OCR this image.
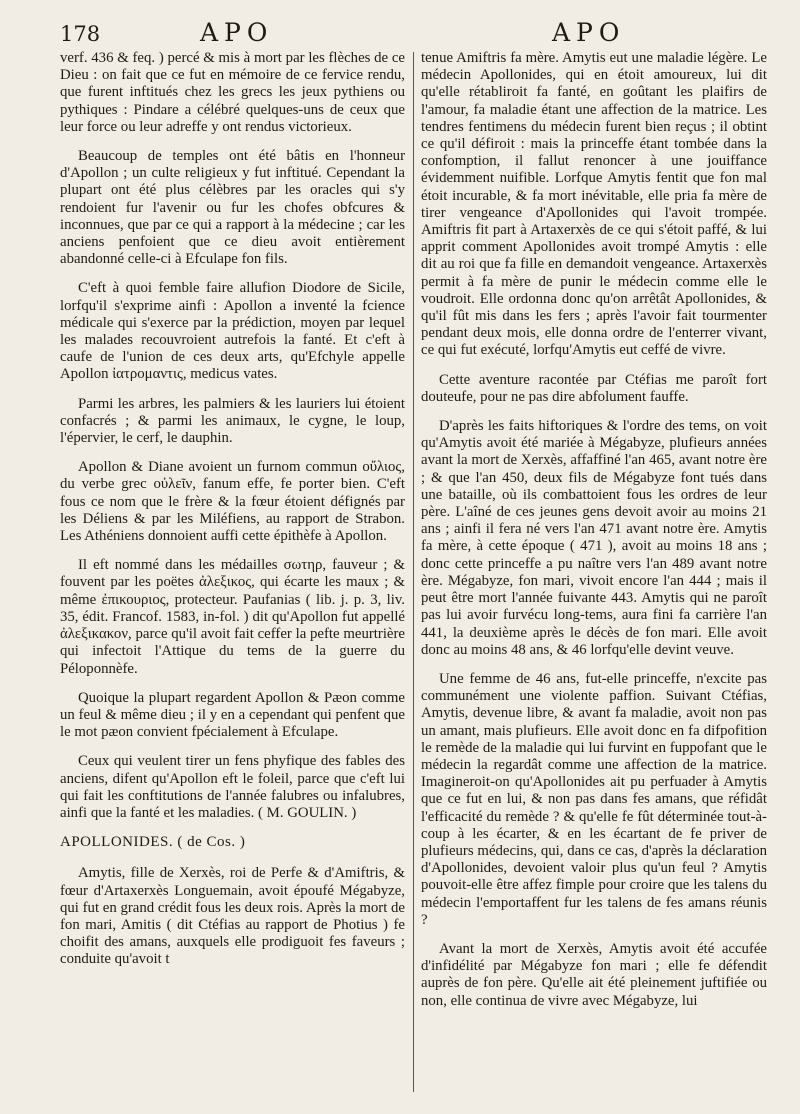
178	APO	APO

verf. 436 & feq. ) percé & mis à mort par les flèches de ce Dieu : on fait que ce fut en mémoire de ce fervice rendu, que furent inftitués chez les grecs les jeux pythiens ou pythiques : Pindare a célébré quelques-uns de ceux que leur force ou leur adreffe y ont rendus victorieux.

Beaucoup de temples ont été bâtis en l'honneur d'Apollon ; un culte religieux y fut inftitué. Cependant la plupart ont été plus célèbres par les oracles qui s'y rendoient fur l'avenir ou fur les chofes obfcures & inconnues, que par ce qui a rapport à la médecine ; car les anciens penfoient que ce dieu avoit entièrement abandonné celle-ci à Efculape fon fils.

C'eft à quoi femble faire allufion Diodore de Sicile, lorfqu'il s'exprime ainfi : Apollon a inventé la fcience médicale qui s'exerce par la prédiction, moyen par lequel les malades recouvroient autrefois la fanté. Et c'eft à caufe de l'union de ces deux arts, qu'Efchyle appelle Apollon ἰατρομαντις, medicus vates.

Parmi les arbres, les palmiers & les lauriers lui étoient confacrés ; & parmi les animaux, le cygne, le loup, l'épervier, le cerf, le dauphin.

Apollon & Diane avoient un furnom commun οὔλιος, du verbe grec οὐλεῖν, fanum effe, fe porter bien. C'eft fous ce nom que le frère & la fœur étoient défignés par les Déliens & par les Miléfiens, au rapport de Strabon. Les Athéniens donnoient auffi cette épithèfe à Apollon.

Il eft nommé dans les médailles σωτηρ, fauveur ; & fouvent par les poëtes ἀλεξικος, qui écarte les maux ; & même ἐπικουριος, protecteur. Paufanias ( lib. j. p. 3, liv. 35, édit. Francof. 1583, in-fol. ) dit qu'Apollon fut appellé ἀλεξικακον, parce qu'il avoit fait ceffer la pefte meurtrière qui infectoit l'Attique du tems de la guerre du Péloponnèfe.

Quoique la plupart regardent Apollon & Pæon comme un feul & même dieu ; il y en a cependant qui penfent que le mot pæon convient fpécialement à Efculape.

Ceux qui veulent tirer un fens phyfique des fables des anciens, difent qu'Apollon eft le foleil, parce que c'eft lui qui fait les conftitutions de l'année falubres ou infalubres, ainfi que la fanté et les maladies. ( M. GOULIN. )

APOLLONIDES. ( de Cos. )

Amytis, fille de Xerxès, roi de Perfe & d'Amiftris, & fœur d'Artaxerxès Longuemain, avoit époufé Mégabyze, qui fut en grand crédit fous les deux rois. Après la mort de fon mari, Amitis ( dit Ctéfias au rapport de Photius ) fe choifit des amans, auxquels elle prodiguoit fes faveurs ; conduite qu'avoit t

tenue Amiftris fa mère. Amytis eut une maladie légère. Le médecin Apollonides, qui en étoit amoureux, lui dit qu'elle rétabliroit fa fanté, en goûtant les plaifirs de l'amour, fa maladie étant une affection de la matrice. Les tendres fentimens du médecin furent bien reçus ; il obtint ce qu'il défiroit : mais la princeffe étant tombée dans la confomption, il fallut renoncer à une jouiffance évidemment nuifible. Lorfque Amytis fentit que fon mal étoit incurable, & fa mort inévitable, elle pria fa mère de tirer vengeance d'Apollonides qui l'avoit trompée. Amiftris fit part à Artaxerxès de ce qui s'étoit paffé, & lui apprit comment Apollonides avoit trompé Amytis : elle dit au roi que fa fille en demandoit vengeance. Artaxerxès permit à fa mère de punir le médecin comme elle le voudroit. Elle ordonna donc qu'on arrêtât Apollonides, & qu'il fût mis dans les fers ; après l'avoir fait tourmenter pendant deux mois, elle donna ordre de l'enterrer vivant, ce qui fut exécuté, lorfqu'Amytis eut ceffé de vivre.

Cette aventure racontée par Ctéfias me paroît fort douteufe, pour ne pas dire abfolument fauffe.

D'après les faits hiftoriques & l'ordre des tems, on voit qu'Amytis avoit été mariée à Mégabyze, plufieurs années avant la mort de Xerxès, affaffiné l'an 465, avant notre ère ; & que l'an 450, deux fils de Mégabyze font tués dans une bataille, où ils combattoient fous les ordres de leur père. L'aîné de ces jeunes gens devoit avoir au moins 21 ans ; ainfi il fera né vers l'an 471 avant notre ère. Amytis fa mère, à cette époque ( 471 ), avoit au moins 18 ans ; donc cette princeffe a pu naître vers l'an 489 avant notre ère. Mégabyze, fon mari, vivoit encore l'an 444 ; mais il peut être mort l'année fuivante 443. Amytis qui ne paroît pas lui avoir furvécu long-tems, aura fini fa carrière l'an 441, la deuxième après le décès de fon mari. Elle avoit donc au moins 48 ans, & 46 lorfqu'elle devint veuve.

Une femme de 46 ans, fut-elle princeffe, n'excite pas communément une violente paffion. Suivant Ctéfias, Amytis, devenue libre, & avant fa maladie, avoit non pas un amant, mais plufieurs. Elle avoit donc en fa difpofition le remède de la maladie qui lui furvint en fuppofant que le médecin la regardât comme une affection de la matrice. Imagineroit-on qu'Apollonides ait pu perfuader à Amytis que ce fut en lui, & non pas dans fes amans, que réfidât l'efficacité du remède ? & qu'elle fe fût déterminée tout-à-coup à les écarter, & en les écartant de fe priver de plufieurs médecins, qui, dans ce cas, d'après la déclaration d'Apollonides, devoient valoir plus qu'un feul ? Amytis pouvoit-elle être affez fimple pour croire que les talens du médecin l'emportaffent fur les talens de fes amans réunis ?

Avant la mort de Xerxès, Amytis avoit été accufée d'infidélité par Mégabyze fon mari ; elle fe défendit auprès de fon père. Qu'elle ait été pleinement juftifiée ou non, elle continua de vivre avec Mégabyze, lui
